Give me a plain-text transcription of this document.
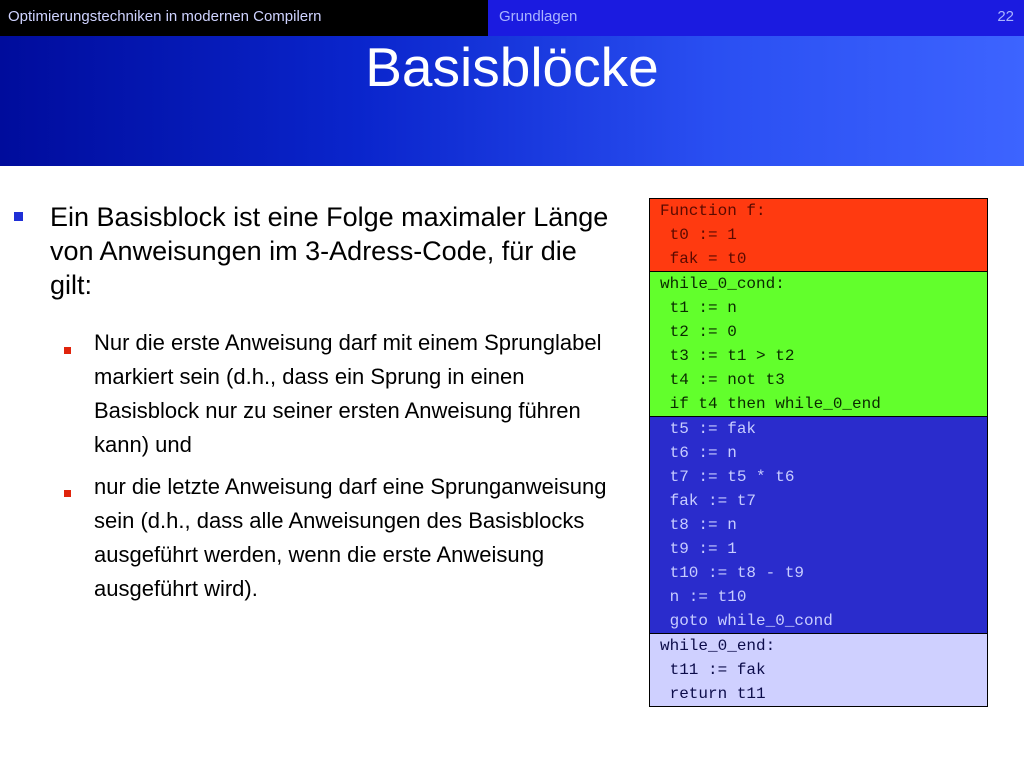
Optimierungstechniken in modernen Compilern	Grundlagen	22
Basisblöcke
Ein Basisblock ist eine Folge maximaler Länge von Anweisungen im 3-Adress-Code, für die gilt:
Nur die erste Anweisung darf mit einem Sprunglabel markiert sein (d.h., dass ein Sprung in einen Basisblock nur zu seiner ersten Anweisung führen kann) und
nur die letzte Anweisung darf eine Sprunganweisung sein (d.h., dass alle Anweisungen des Basisblocks ausgeführt werden, wenn die erste Anweisung ausgeführt wird).
Function f:
t0 := 1
fak = t0
while_0_cond:
t1 := n
t2 := 0
t3 := t1 > t2
t4 := not t3
if t4 then while_0_end
t5 := fak
t6 := n
t7 := t5 * t6
fak := t7
t8 := n
t9 := 1
t10 := t8 - t9
n := t10
goto while_0_cond
while_0_end:
t11 := fak
return t11
